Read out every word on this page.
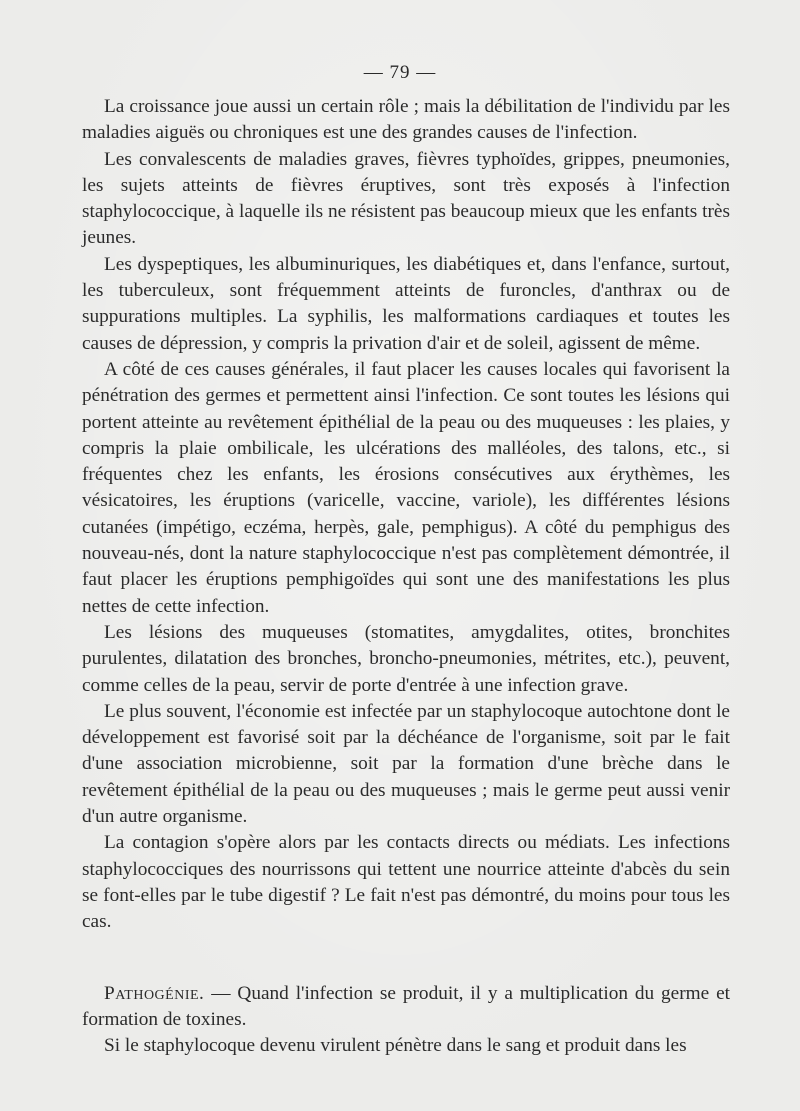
— 79 —

La croissance joue aussi un certain rôle ; mais la débilitation de l'individu par les maladies aiguës ou chroniques est une des grandes causes de l'infection.

Les convalescents de maladies graves, fièvres typhoïdes, grippes, pneumonies, les sujets atteints de fièvres éruptives, sont très exposés à l'infection staphylococcique, à laquelle ils ne résistent pas beaucoup mieux que les enfants très jeunes.

Les dyspeptiques, les albuminuriques, les diabétiques et, dans l'enfance, surtout, les tuberculeux, sont fréquemment atteints de furoncles, d'anthrax ou de suppurations multiples. La syphilis, les malformations cardiaques et toutes les causes de dépression, y compris la privation d'air et de soleil, agissent de même.

A côté de ces causes générales, il faut placer les causes locales qui favorisent la pénétration des germes et permettent ainsi l'infection. Ce sont toutes les lésions qui portent atteinte au revêtement épithélial de la peau ou des muqueuses : les plaies, y compris la plaie ombilicale, les ulcérations des malléoles, des talons, etc., si fréquentes chez les enfants, les érosions consécutives aux érythèmes, les vésicatoires, les éruptions (varicelle, vaccine, variole), les différentes lésions cutanées (impétigo, eczéma, herpès, gale, pemphigus). A côté du pemphigus des nouveau-nés, dont la nature staphylococcique n'est pas complètement démontrée, il faut placer les éruptions pemphigoïdes qui sont une des manifestations les plus nettes de cette infection.

Les lésions des muqueuses (stomatites, amygdalites, otites, bronchites purulentes, dilatation des bronches, broncho-pneumonies, métrites, etc.), peuvent, comme celles de la peau, servir de porte d'entrée à une infection grave.

Le plus souvent, l'économie est infectée par un staphylocoque autochtone dont le développement est favorisé soit par la déchéance de l'organisme, soit par le fait d'une association microbienne, soit par la formation d'une brèche dans le revêtement épithélial de la peau ou des muqueuses ; mais le germe peut aussi venir d'un autre organisme.

La contagion s'opère alors par les contacts directs ou médiats. Les infections staphylococciques des nourrissons qui tettent une nourrice atteinte d'abcès du sein se font-elles par le tube digestif ? Le fait n'est pas démontré, du moins pour tous les cas.

Pathogénie. — Quand l'infection se produit, il y a multiplication du germe et formation de toxines.

Si le staphylocoque devenu virulent pénètre dans le sang et produit dans les
